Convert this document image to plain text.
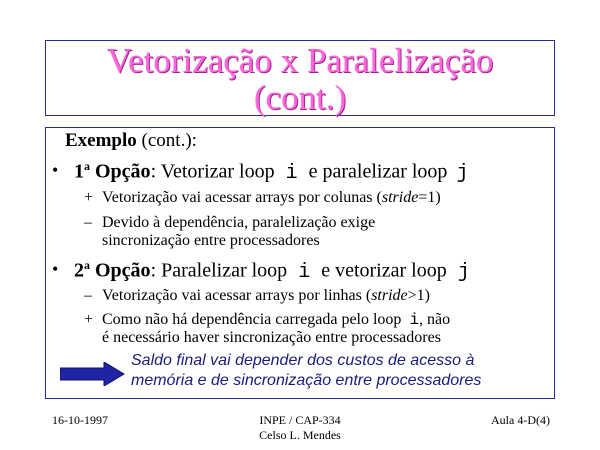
Vetorização x Paralelização
(cont.)
Exemplo (cont.):
• 1$^a$ Opção: Vetorizar loop i e paralelizar loop j
+ Vetorização vai acessar arrays por colunas (stride=1)
– Devido à dependência, paralelização exige
sincronização entre processadores
• 2$^a$ Opção: Paralelizar loop i e vetorizar loop j
– Vetorização vai acessar arrays por linhas (stride>1)
+ Como não há dependência carregada pelo loop i, não
é necessário haver sincronização entre processadores
Saldo final vai depender dos custos de acesso à
memória e de sincronização entre processadores
16-10-1997	INPE / CAP-334
Celso L. Mendes
Aula 4-D(4)
